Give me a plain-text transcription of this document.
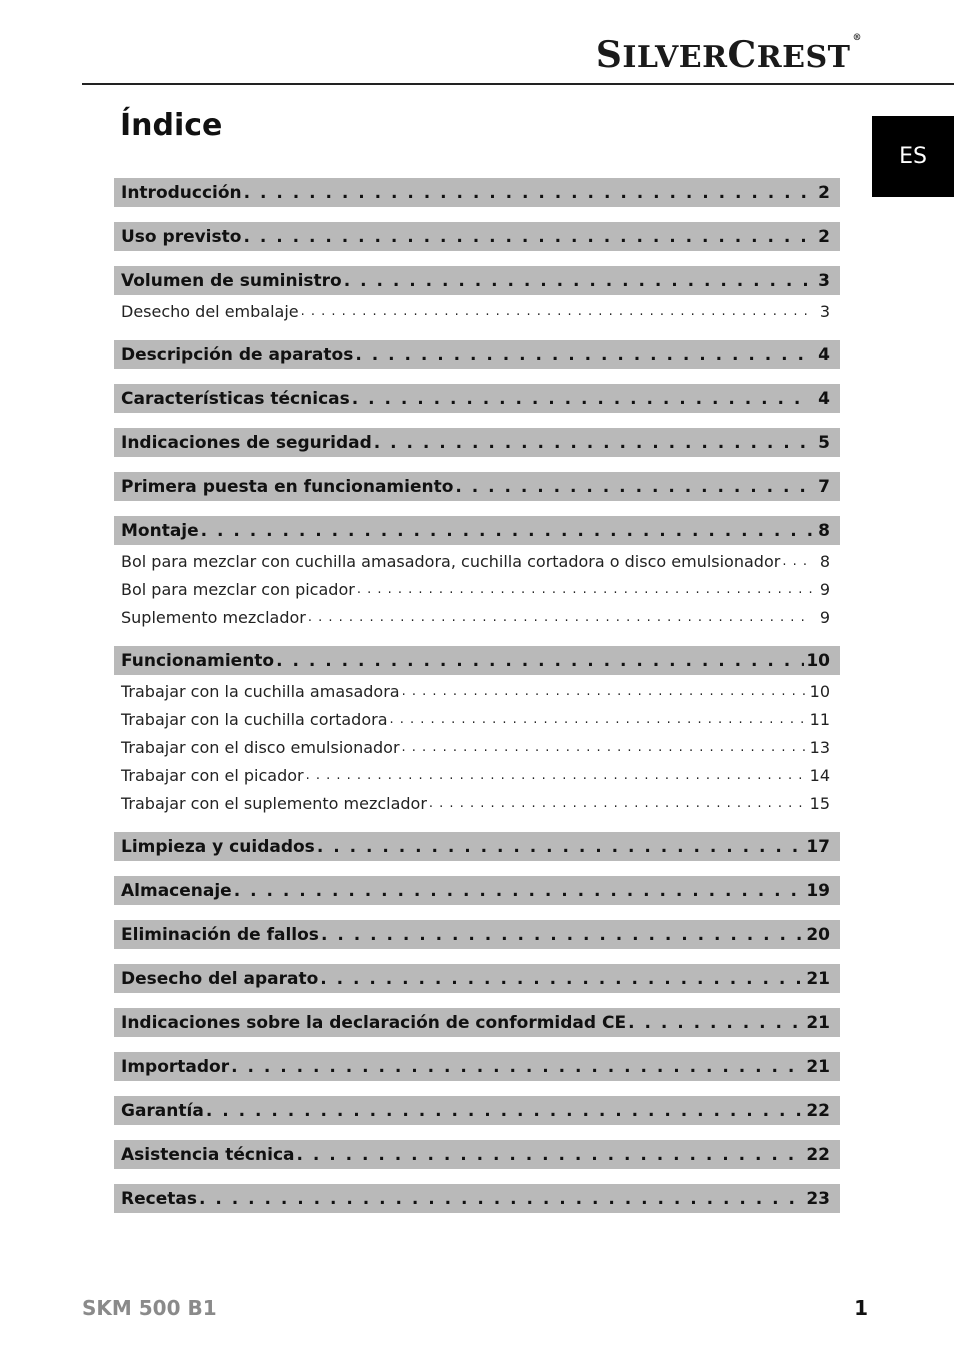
SILVERCREST®
ES
Índice
Introducción . . .	2
Uso previsto . . .	2
Volumen de suministro . . .	3
Desecho del embalaje . . .	3
Descripción de aparatos . . .	4
Características técnicas . . .	4
Indicaciones de seguridad . . .	5
Primera puesta en funcionamiento . . .	7
Montaje . . .	8
Bol para mezclar con cuchilla amasadora, cuchilla cortadora o disco emulsionador . . .	8
Bol para mezclar con picador . . .	9
Suplemento mezclador . . .	9
Funcionamiento . . .	10
Trabajar con la cuchilla amasadora . . .	10
Trabajar con la cuchilla cortadora . . .	11
Trabajar con el disco emulsionador . . .	13
Trabajar con el picador . . .	14
Trabajar con el suplemento mezclador . . .	15
Limpieza y cuidados . . .	17
Almacenaje . . .	19
Eliminación de fallos . . .	20
Desecho del aparato . . .	21
Indicaciones sobre la declaración de conformidad CE . . .	21
Importador . . .	21
Garantía . . .	22
Asistencia técnica . . .	22
Recetas . . .	23
SKM 500 B1	1
